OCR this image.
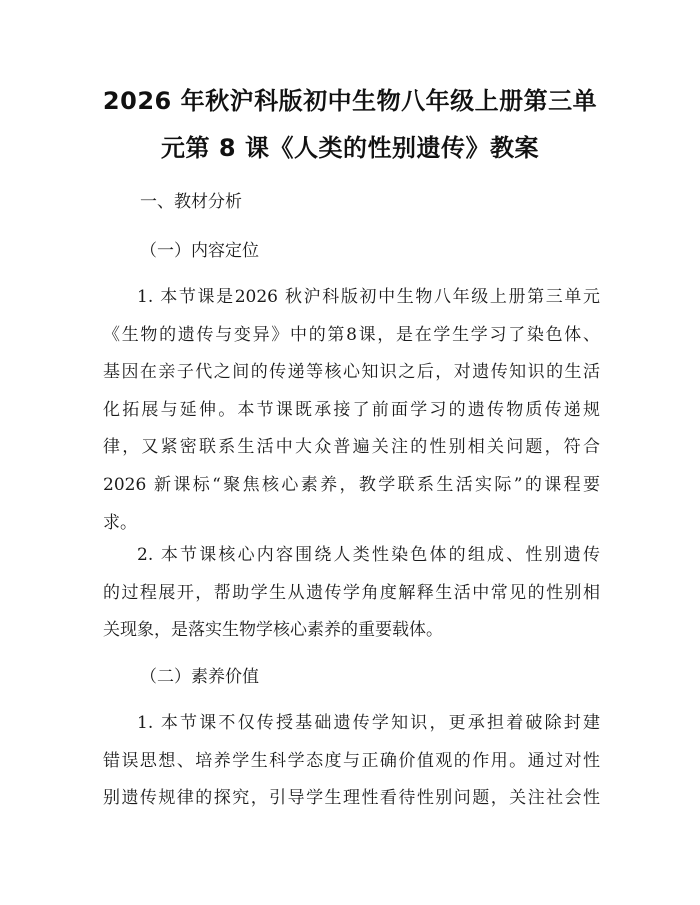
2026 年秋沪科版初中生物八年级上册第三单
元第 8 课《人类的性别遗传》教案
一、教材分析
（一）内容定位
1. 本节课是2026 秋沪科版初中生物八年级上册第三单元
《生物的遗传与变异》中的第8课，是在学生学习了染色体、
基因在亲子代之间的传递等核心知识之后，对遗传知识的生活
化拓展与延伸。本节课既承接了前面学习的遗传物质传递规
律，又紧密联系生活中大众普遍关注的性别相关问题，符合
2026 新课标“聚焦核心素养，教学联系生活实际”的课程要
求。
2. 本节课核心内容围绕人类性染色体的组成、性别遗传
的过程展开，帮助学生从遗传学角度解释生活中常见的性别相
关现象，是落实生物学核心素养的重要载体。
（二）素养价值
1. 本节课不仅传授基础遗传学知识，更承担着破除封建
错误思想、培养学生科学态度与正确价值观的作用。通过对性
别遗传规律的探究，引导学生理性看待性别问题，关注社会性
